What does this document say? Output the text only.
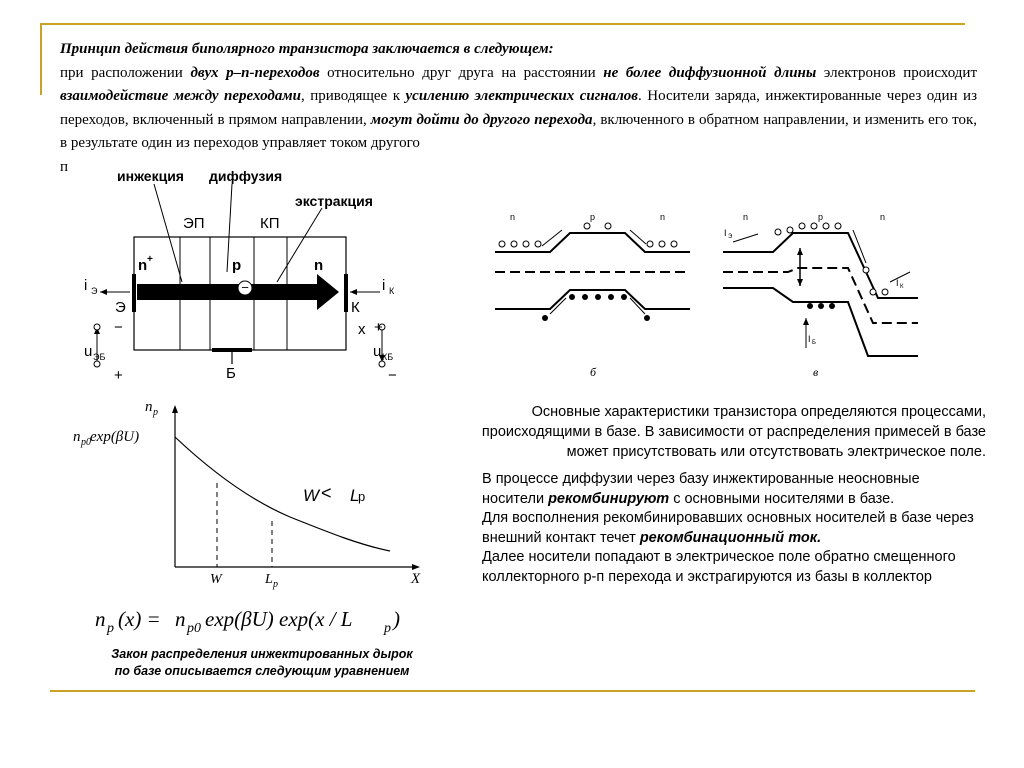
Принцип действия биполярного транзистора заключается в следующем:
при расположении двух p–n-переходов относительно друг друга на расстоянии не более диффузионной длины электронов происходит взаимодействие между переходами, приводящее к усилению электрических сигналов. Носители заряда, инжектированные через один из переходов, включенный в прямом направлении, могут дойти до другого перехода, включенного в обратном направлении, и изменить его ток, в результате один из переходов управляет током другого
п
−
инжекция диффузия
экстракция
ЭП	КП
n +	p	n
Э	К
Б
x
i Э	i К
u ЭБ	u КБ
−
+
+
−
n	p	n
б
n	p	n
I Э
I К
I Б
в
n p
n p0 exp(βU)
X
W	L p
W < L
p
n p (x) = n p0 exp(βU) exp(x / L p )
Закон распределения инжектированных дырок
по базе описывается следующим уравнением
Основные характеристики транзистора определяются процессами,
происходящими в базе. В зависимости от распределения примесей в базе
может присутствовать или отсутствовать электрическое поле.
В процессе диффузии через базу инжектированные неосновные носители рекомбинируют с основными носителями в базе.
Для восполнения рекомбинировавших основных носителей в базе через внешний контакт течет рекомбинационный ток.
Далее носители попадают в электрическое поле обратно смещенного коллекторного р-п перехода и экстрагируются из базы в коллектор
